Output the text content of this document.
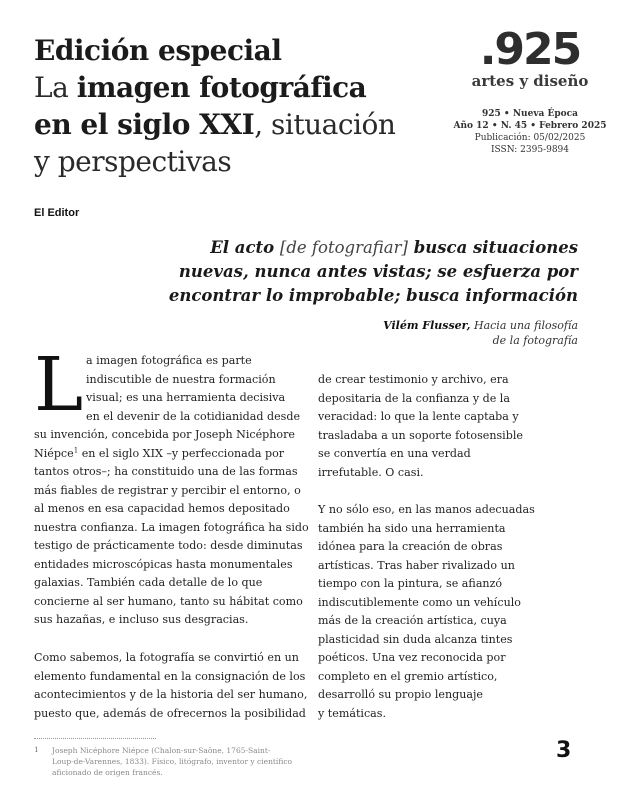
Edición especial
La imagen fotográfica
en el siglo XXI, situación
y perspectivas
.925
artes y diseño
925 • Nueva Época
Año 12 • N. 45 • Febrero 2025
Publicación: 05/02/2025
ISSN: 2395-9894
El Editor
El acto [de fotografiar] busca situaciones
nuevas, nunca antes vistas; se esfuerza por
encontrar lo improbable; busca información
Vilém Flusser, Hacia una filosofía
de la fotografía
L a imagen fotográfica es parte
indiscutible de nuestra formación
visual; es una herramienta decisiva
en el devenir de la cotidianidad desde
su invención, concebida por Joseph Nicéphore
Niépce$^1$ en el siglo XIX –y perfeccionada por
tantos otros–; ha constituido una de las formas
más fiables de registrar y percibir el entorno, o
al menos en esa capacidad hemos depositado
nuestra confianza. La imagen fotográfica ha sido
testigo de prácticamente todo: desde diminutas
entidades microscópicas hasta monumentales
galaxias. También cada detalle de lo que
concierne al ser humano, tanto su hábitat como
sus hazañas, e incluso sus desgracias.
Como sabemos, la fotografía se convirtió en un
elemento fundamental en la consignación de los
acontecimientos y de la historia del ser humano,
puesto que, además de ofrecernos la posibilidad
de crear testimonio y archivo, era
depositaria de la confianza y de la
veracidad: lo que la lente captaba y
trasladaba a un soporte fotosensible
se convertía en una verdad
irrefutable. O casi.
Y no sólo eso, en las manos adecuadas
también ha sido una herramienta
idónea para la creación de obras
artísticas. Tras haber rivalizado un
tiempo con la pintura, se afianzó
indiscutiblemente como un vehículo
más de la creación artística, cuya
plasticidad sin duda alcanza tintes
poéticos. Una vez reconocida por
completo en el gremio artístico,
desarrolló su propio lenguaje
y temáticas.
1 Joseph Nicéphore Niépce (Chalon-sur-Saône, 1765-Saint-
Loup-de-Varennes, 1833). Físico, litógrafo, inventor y científico
aficionado de origen francés.
3
